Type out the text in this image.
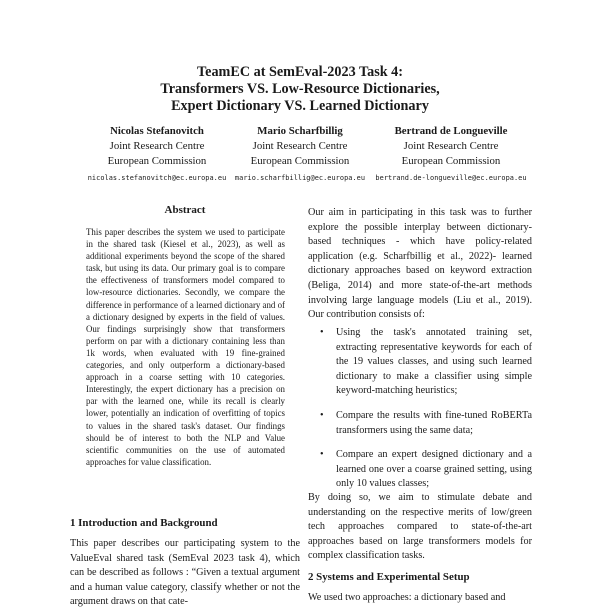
TeamEC at SemEval-2023 Task 4:
Transformers VS. Low-Resource Dictionaries,
Expert Dictionary VS. Learned Dictionary
Nicolas Stefanovitch
Joint Research Centre
European Commission
nicolas.stefanovitch@ec.europa.eu
Mario Scharfbillig
Joint Research Centre
European Commission
mario.scharfbillig@ec.europa.eu
Bertrand de Longueville
Joint Research Centre
European Commission
bertrand.de-longueville@ec.europa.eu
Abstract
This paper describes the system we used to participate in the shared task (Kiesel et al., 2023), as well as additional experiments beyond the scope of the shared task, but using its data. Our primary goal is to compare the effectiveness of transformers model compared to low-resource dictionaries. Secondly, we compare the difference in performance of a learned dictionary and of a dictionary designed by experts in the field of values. Our findings surprisingly show that transformers perform on par with a dictionary containing less than 1k words, when evaluated with 19 fine-grained categories, and only outperform a dictionary-based approach in a coarse setting with 10 categories. Interestingly, the expert dictionary has a precision on par with the learned one, while its recall is clearly lower, potentially an indication of overfitting of topics to values in the shared task's dataset. Our findings should be of interest to both the NLP and Value scientific communities on the use of automated approaches for value classification.
1 Introduction and Background
This paper describes our participating system to the ValueEval shared task (SemEval 2023 task 4), which can be described as follows : “Given a textual argument and a human value category, classify whether or not the argument draws on that cate-
Our aim in participating in this task was to further explore the possible interplay between dictionary-based techniques - which have policy-related application (e.g. Scharfbillig et al., 2022)- learned dictionary approaches based on keyword extraction (Beliga, 2014) and more state-of-the-art methods involving large language models (Liu et al., 2019). Our contribution consists of:
• Using the task's annotated training set, extracting representative keywords for each of the 19 values classes, and using such learned dictionary to make a classifier using simple keyword-matching heuristics;
• Compare the results with fine-tuned RoBERTa transformers using the same data;
• Compare an expert designed dictionary and a learned one over a coarse grained setting, using only 10 values classes;
By doing so, we aim to stimulate debate and understanding on the respective merits of low/green tech approaches compared to state-of-the-art approaches based on large transformers models for complex classification tasks.
2 Systems and Experimental Setup
We used two approaches: a dictionary based and
